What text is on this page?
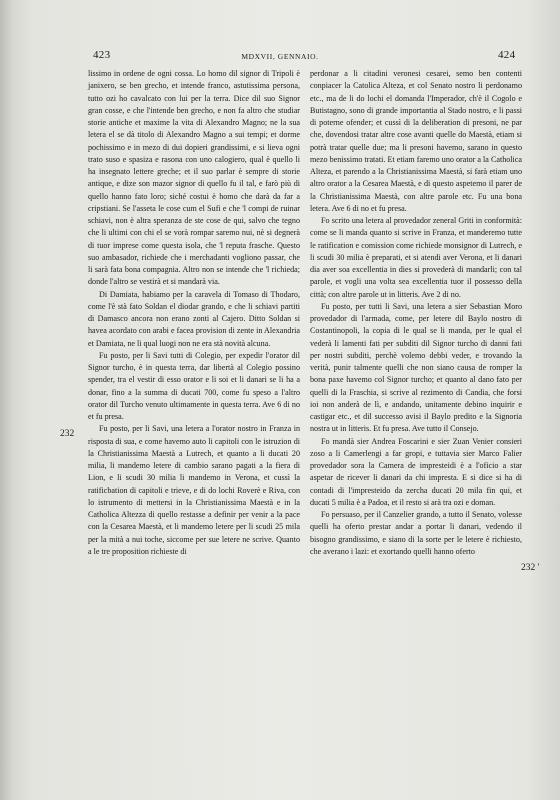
423	MDXVII, GENNAIO.	424
232
232 '

lissimo in ordene de ogni cossa. Lo homo dil signor di Tripoli è janixero, se ben grecho, et intende franco, astutissima persona, tutto ozi ho cavalcato con lui per la terra. Dice dil suo Signor gran cosse, e che l'intende ben grecho, e non fa altro che studiar storie antiche et maxime la vita di Alexandro Magno; ne la sua letera el se dà titolo di Alexandro Magno a sui tempi; et dorme pochissimo e in mezo di dui dopieri grandissimi, e si lieva ogni trato suso e spasiza e rasona con uno calogiero, qual è quello li ha insegnato lettere greche; et il suo parlar è sempre di storie antique, e dize son mazor signor di quello fu il tal, e farò più di quello hanno fato loro; siché costui è homo che darà da far a cripstiani. Se l'asseta le cose cum el Sufi e che 'l compi de ruinar schiavi, non è altra speranza de ste cose de qui, salvo che tegno che li ultimi con chi el se vorà rompar saremo nui, nè si degnerà di tuor imprese come questa isola, che 'l reputa frasche. Questo suo ambasador, richiede che i merchadanti vogliono passar, che li sarà fata bona compagnia. Altro non se intende che 'l richieda; donde l'altro se vestirà et si mandarà via.

Di Damiata, habiamo per la caravela di Tomaso di Thodaro, come l'è stà fato Soldan el diodar grando, e che li schiavi partiti di Damasco ancora non erano zonti al Cajero. Ditto Soldan si havea acordato con arabi e facea provision di zente in Alexandria et Damiata, ne li qual luogi non ne era stà novità alcuna.

Fu posto, per li Savi tutti di Colegio, per expedir l'orator dil Signor turcho, è in questa terra, dar libertà al Colegio possino spender, tra el vestir di esso orator e li soi et li danari se li ha a donar, fino a la summa di ducati 700, come fu speso a l'altro orator dil Turcho venuto ultimamente in questa terra. Ave 6 di no et fu presa.

Fu posto, per li Savi, una letera a l'orator nostro in Franza in risposta di sua, e come havemo auto li capitoli con le istruzion di la Christianissima Maestà a Lutrech, et quanto a li ducati 20 milia, li mandemo letere di cambio sarano pagati a la fiera di Lion, e li scudi 30 milia li mandemo in Verona, et cussì la ratificbation di capitoli e trieve, e di do lochi Roverè e Riva, con lo istrumento di mettersi in la Christianissima Maestà e in la Catholica Altezza di quello restasse a definir per venir a la pace con la Cesarea Maestà, et li mandemo letere per li scudi 25 mila per la mità a nui toche, siccome per sue letere ne scrive. Quanto a le tre proposition richieste di

perdonar a li citadini veronesi cesarei, semo ben contenti conpiacer la Catolica Alteza, et col Senato nostro li perdonamo etc., ma de li do lochi el domanda l'Imperador, ch'è il Cogolo e Butistagno, sono di grande importantia al Stado nostro, e li passi di poterne ofender; et cussì di la deliberation di presoni, ne par che, dovendosi tratar altre cose avanti quelle do Maestà, etiam si potrà tratar quelle due; ma li presoni havemo, sarano in questo mezo benissimo tratati. Et etiam faremo uno orator a la Catholica Alteza, et parendo a la Christianissima Maestà, si farà etiam uno altro orator a la Cesarea Maestà, e di questo aspetemo il parer de la Christianissima Maestà, con altre parole etc. Fu una bona letera. Ave 6 di no et fu presa.

Fo scrito una letera al provedador zeneral Griti in conformità: come se li manda quanto si scrive in Franza, et manderemo tutte le ratification e comission come richiede monsignor di Lutrech, e li scudi 30 milia è preparati, et si atendi aver Verona, et li danari dia aver soa excellentia in dies si provederà di mandarli; con tal parole, et vogli una volta sea excellentia tuor il possesso della città; con altre parole ut in litteris. Ave 2 di no.

Fu posto, per tutti li Savi, una letera a sier Sebastian Moro provedador di l'armada, come, per letere dil Baylo nostro di Costantinopoli, la copia di le qual se li manda, per le qual el vederà li lamenti fati per subditi dil Signor turcho di danni fati per nostri subditi, perchè volemo debbi veder, e trovando la verità, punir talmente quelli che non siano causa de romper la bona paxe havemo col Signor turcho; et quanto al dano fato per quelli di la Fraschia, si scrive al rezimento di Candia, che forsi ioi non anderà de lì, e andando, unitamente debino inquirir e castigar etc., et dil successo avisi il Baylo predito e la Signoria nostra ut in litteris. Et fu presa. Ave tutto il Consejo.

Fo mandà sier Andrea Foscarini e sier Zuan Venier consieri zoso a li Camerlengi a far gropi, e tuttavia sier Marco Falier provedador sora la Camera de impresteidi è a l'oficio a star aspetar de ricever li danari da chi impresta. E si dice si ha di contadi di l'impresteido da zercha ducati 20 mila fin qui, et ducati 5 milia è a Padoa, et il resto si arà tra ozi e doman.

Fo persuaso, per il Canzelier grando, a tutto il Senato, volesse quelli ha oferto prestar andar a portar li danari, vedendo il bisogno grandissimo, e siano di la sorte per le letere è richiesto, che averano i lazi: et exortando quelli hanno oferto
